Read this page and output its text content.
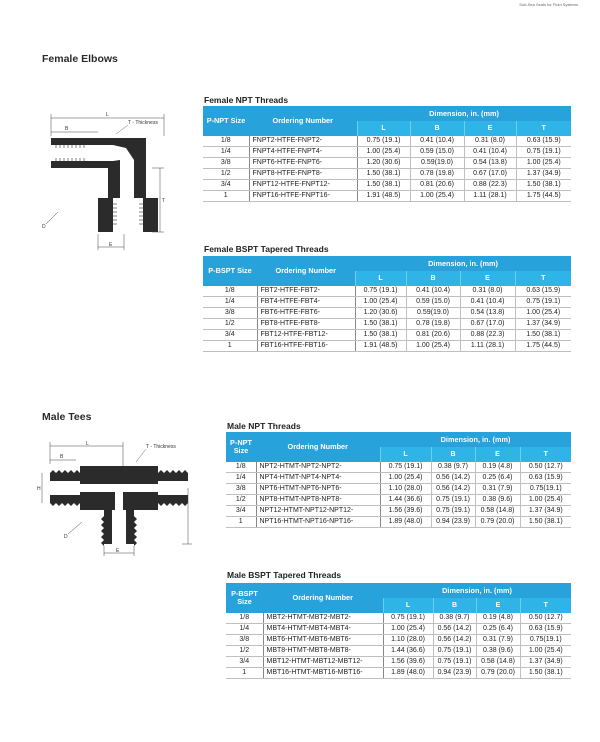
Sub-Sea Seals for Fluid Systems
Female Elbows
L
B
T - Thickness
T
E
D
Female NPT Threads
P-NPT Size	Ordering Number	Dimension, in. (mm)			
		L	B	E	T
1/8	FNPT2-HTFE-FNPT2-	0.75 (19.1)	0.41 (10.4)	0.31 (8.0)	0.63 (15.9)
1/4	FNPT4-HTFE-FNPT4-	1.00 (25.4)	0.59 (15.0)	0.41 (10.4)	0.75 (19.1)
3/8	FNPT6-HTFE-FNPT6-	1.20 (30.6)	0.59(19.0)	0.54 (13.8)	1.00 (25.4)
1/2	FNPT8-HTFE-FNPT8-	1.50 (38.1)	0.78 (19.8)	0.67 (17.0)	1.37 (34.9)
3/4	FNPT12-HTFE-FNPT12-	1.50 (38.1)	0.81 (20.6)	0.88 (22.3)	1.50 (38.1)
1	FNPT16-HTFE-FNPT16-	1.91 (48.5)	1.00 (25.4)	1.11 (28.1)	1.75 (44.5)
Female BSPT Tapered Threads
P-BSPT Size	Ordering Number	Dimension, in. (mm)			
		L	B	E	T
1/8	FBT2-HTFE-FBT2-	0.75 (19.1)	0.41 (10.4)	0.31 (8.0)	0.63 (15.9)
1/4	FBT4-HTFE-FBT4-	1.00 (25.4)	0.59 (15.0)	0.41 (10.4)	0.75 (19.1)
3/8	FBT6-HTFE-FBT6-	1.20 (30.6)	0.59(19.0)	0.54 (13.8)	1.00 (25.4)
1/2	FBT8-HTFE-FBT8-	1.50 (38.1)	0.78 (19.8)	0.67 (17.0)	1.37 (34.9)
3/4	FBT12-HTFE-FBT12-	1.50 (38.1)	0.81 (20.6)	0.88 (22.3)	1.50 (38.1)
1	FBT16-HTFE-FBT16-	1.91 (48.5)	1.00 (25.4)	1.11 (28.1)	1.75 (44.5)
Male Tees
L
B
T - Thickness
H
E
D
Male NPT Threads
P-NPT Size	Ordering Number	Dimension, in. (mm)			
		L	B	E	T
1/8	NPT2-HTMT-NPT2-NPT2-	0.75 (19.1)	0.38 (9.7)	0.19 (4.8)	0.50 (12.7)
1/4	NPT4-HTMT-NPT4-NPT4-	1.00 (25.4)	0.56 (14.2)	0.25 (6.4)	0.63 (15.9)
3/8	NPT6-HTMT-NPT6-NPT6-	1.10 (28.0)	0.56 (14.2)	0.31 (7.9)	0.75(19.1)
1/2	NPT8-HTMT-NPT8-NPT8-	1.44 (36.6)	0.75 (19.1)	0.38 (9.6)	1.00 (25.4)
3/4	NPT12-HTMT-NPT12-NPT12-	1.56 (39.6)	0.75 (19.1)	0.58 (14.8)	1.37 (34.9)
1	NPT16-HTMT-NPT16-NPT16-	1.89 (48.0)	0.94 (23.9)	0.79 (20.0)	1.50 (38.1)
Male BSPT Tapered Threads
P-BSPT Size	Ordering Number	Dimension, in. (mm)			
		L	B	E	T
1/8	MBT2-HTMT-MBT2-MBT2-	0.75 (19.1)	0.38 (9.7)	0.19 (4.8)	0.50 (12.7)
1/4	MBT4-HTMT-MBT4-MBT4-	1.00 (25.4)	0.56 (14.2)	0.25 (6.4)	0.63 (15.9)
3/8	MBT6-HTMT-MBT6-MBT6-	1.10 (28.0)	0.56 (14.2)	0.31 (7.9)	0.75(19.1)
1/2	MBT8-HTMT-MBT8-MBT8-	1.44 (36.6)	0.75 (19.1)	0.38 (9.6)	1.00 (25.4)
3/4	MBT12-HTMT-MBT12-MBT12-	1.56 (39.6)	0.75 (19.1)	0.58 (14.8)	1.37 (34.9)
1	MBT16-HTMT-MBT16-MBT16-	1.89 (48.0)	0.94 (23.9)	0.79 (20.0)	1.50 (38.1)
